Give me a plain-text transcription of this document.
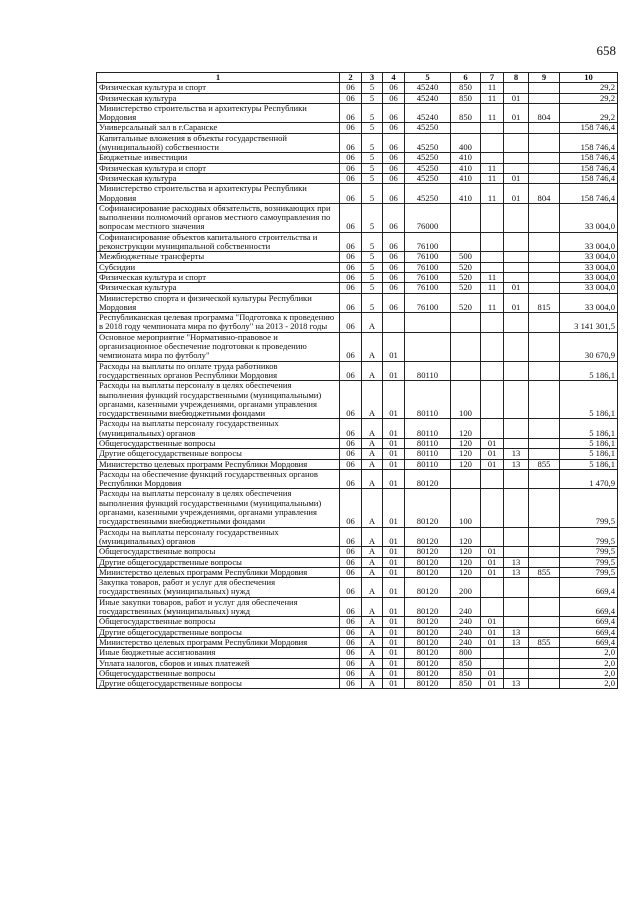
658
1	2	3	4	5	6	7	8	9	10
Физическая культура и спорт	06	5	06	45240	850	11			29,2
Физическая культура	06	5	06	45240	850	11	01		29,2
Министерство строительства и архитектуры Республики Мордовия	06	5	06	45240	850	11	01	804	29,2
Универсальный зал в г.Саранске	06	5	06	45250					158 746,4
Капитальные вложения в объекты государственной (муниципальной) собственности	06	5	06	45250	400				158 746,4
Бюджетные инвестиции	06	5	06	45250	410				158 746,4
Физическая культура и спорт	06	5	06	45250	410	11			158 746,4
Физическая культура	06	5	06	45250	410	11	01		158 746,4
Министерство строительства и архитектуры Республики Мордовия	06	5	06	45250	410	11	01	804	158 746,4
Софинансирование расходных обязательств, возникающих при выполнении полномочий органов местного самоуправления по вопросам местного значения	06	5	06	76000					33 004,0
Софинансирование объектов капитального строительства и реконструкции муниципальной собственности	06	5	06	76100					33 004,0
Межбюджетные трансферты	06	5	06	76100	500				33 004,0
Субсидии	06	5	06	76100	520				33 004,0
Физическая культура и спорт	06	5	06	76100	520	11			33 004,0
Физическая культура	06	5	06	76100	520	11	01		33 004,0
Министерство спорта и физической культуры Республики Мордовия	06	5	06	76100	520	11	01	815	33 004,0
Республиканская целевая программа "Подготовка к проведению в 2018 году чемпионата мира по футболу" на 2013 - 2018 годы	06	А							3 141 301,5
Основное мероприятие "Нормативно-правовое и организационное обеспечение подготовки к проведению чемпионата мира по футболу"	06	А	01						30 670,9
Расходы на выплаты по оплате труда работников государственных органов Республики Мордовия	06	А	01	80110					5 186,1
Расходы на выплаты персоналу в целях обеспечения выполнения функций государственными (муниципальными) органами, казенными учреждениями, органами управления государственными внебюджетными фондами	06	А	01	80110	100				5 186,1
Расходы на выплаты персоналу государственных (муниципальных) органов	06	А	01	80110	120				5 186,1
Общегосударственные вопросы	06	А	01	80110	120	01			5 186,1
Другие общегосударственные вопросы	06	А	01	80110	120	01	13		5 186,1
Министерство целевых программ Республики Мордовия	06	А	01	80110	120	01	13	855	5 186,1
Расходы на обеспечение функций государственных органов Республики Мордовия	06	А	01	80120					1 470,9
Расходы на выплаты персоналу в целях обеспечения выполнения функций государственными (муниципальными) органами, казенными учреждениями, органами управления государственными внебюджетными фондами	06	А	01	80120	100				799,5
Расходы на выплаты персоналу государственных (муниципальных) органов	06	А	01	80120	120				799,5
Общегосударственные вопросы	06	А	01	80120	120	01			799,5
Другие общегосударственные вопросы	06	А	01	80120	120	01	13		799,5
Министерство целевых программ Республики Мордовия	06	А	01	80120	120	01	13	855	799,5
Закупка товаров, работ и услуг для обеспечения государственных (муниципальных) нужд	06	А	01	80120	200				669,4
Иные закупки товаров, работ и услуг для обеспечения государственных (муниципальных) нужд	06	А	01	80120	240				669,4
Общегосударственные вопросы	06	А	01	80120	240	01			669,4
Другие общегосударственные вопросы	06	А	01	80120	240	01	13		669,4
Министерство целевых программ Республики Мордовия	06	А	01	80120	240	01	13	855	669,4
Иные бюджетные ассигнования	06	А	01	80120	800				2,0
Уплата налогов, сборов и иных платежей	06	А	01	80120	850				2,0
Общегосударственные вопросы	06	А	01	80120	850	01			2,0
Другие общегосударственные вопросы	06	А	01	80120	850	01	13		2,0
